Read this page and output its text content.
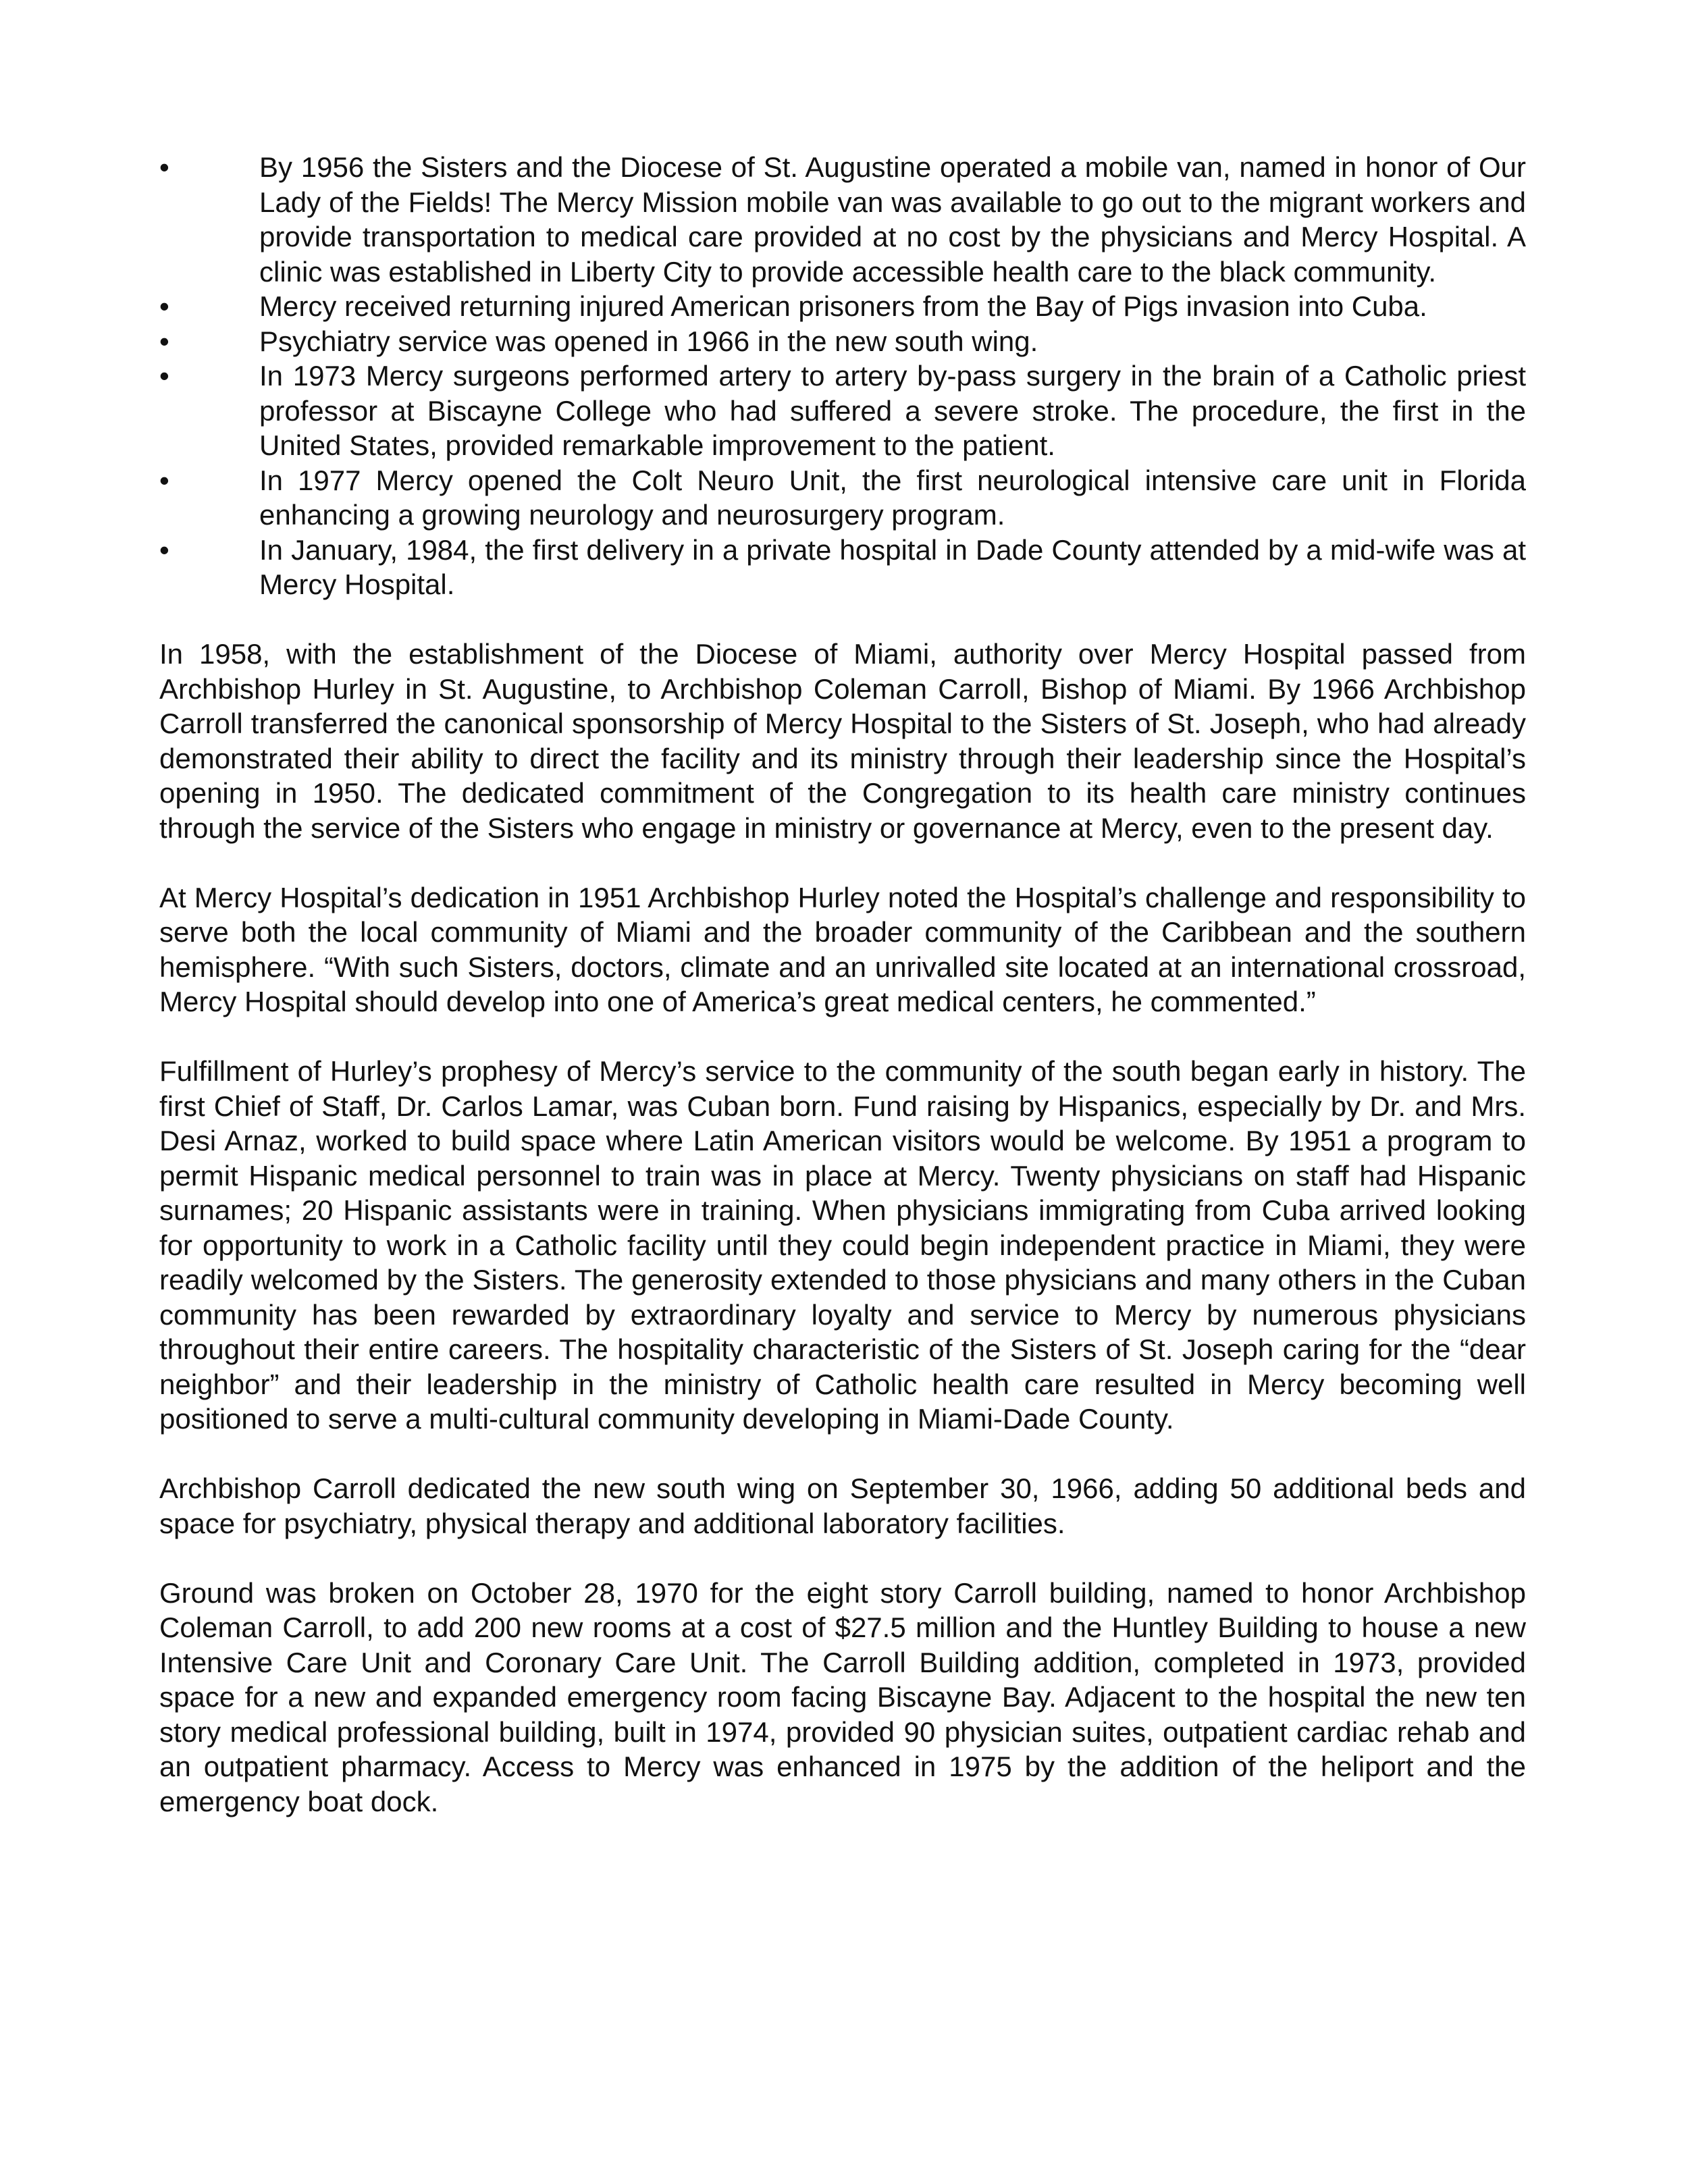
•	By 1956 the Sisters and the Diocese of St. Augustine operated a mobile van, named in honor of Our Lady of the Fields! The Mercy Mission mobile van was available to go out to the migrant workers and provide transportation to medical care provided at no cost by the physicians and Mercy Hospital. A clinic was established in Liberty City to provide accessible health care to the black community.
•	Mercy received returning injured American prisoners from the Bay of Pigs invasion into Cuba.
•	Psychiatry service was opened in 1966 in the new south wing.
•	In 1973 Mercy surgeons performed artery to artery by-pass surgery in the brain of a Catholic priest professor at Biscayne College who had suffered a severe stroke. The procedure, the first in the United States, provided remarkable improvement to the patient.
•	In 1977 Mercy opened the Colt Neuro Unit, the first neurological intensive care unit in Florida enhancing a growing neurology and neurosurgery program.
•	In January, 1984, the first delivery in a private hospital in Dade County attended by a mid-wife was at Mercy Hospital.

In 1958, with the establishment of the Diocese of Miami, authority over Mercy Hospital passed from Archbishop Hurley in St. Augustine, to Archbishop Coleman Carroll, Bishop of Miami. By 1966 Archbishop Carroll transferred the canonical sponsorship of Mercy Hospital to the Sisters of St. Joseph, who had already demonstrated their ability to direct the facility and its ministry through their leadership since the Hospital’s opening in 1950. The dedicated commitment of the Congregation to its health care ministry continues through the service of the Sisters who engage in ministry or governance at Mercy, even to the present day.

At Mercy Hospital’s dedication in 1951 Archbishop Hurley noted the Hospital’s challenge and responsibility to serve both the local community of Miami and the broader community of the Caribbean and the southern hemisphere. “With such Sisters, doctors, climate and an unrivalled site located at an international crossroad, Mercy Hospital should develop into one of America’s great medical centers, he commented.”

Fulfillment of Hurley’s prophesy of Mercy’s service to the community of the south began early in history. The first Chief of Staff, Dr. Carlos Lamar, was Cuban born. Fund raising by Hispanics, especially by Dr. and Mrs. Desi Arnaz, worked to build space where Latin American visitors would be welcome. By 1951 a program to permit Hispanic medical personnel to train was in place at Mercy. Twenty physicians on staff had Hispanic surnames; 20 Hispanic assistants were in training. When physicians immigrating from Cuba arrived looking for opportunity to work in a Catholic facility until they could begin independent practice in Miami, they were readily welcomed by the Sisters. The generosity extended to those physicians and many others in the Cuban community has been rewarded by extraordinary loyalty and service to Mercy by numerous physicians throughout their entire careers. The hospitality characteristic of the Sisters of St. Joseph caring for the “dear neighbor” and their leadership in the ministry of Catholic health care resulted in Mercy becoming well positioned to serve a multi-cultural community developing in Miami-Dade County.

Archbishop Carroll dedicated the new south wing on September 30, 1966, adding 50 additional beds and space for psychiatry, physical therapy and additional laboratory facilities.

Ground was broken on October 28, 1970 for the eight story Carroll building, named to honor Archbishop Coleman Carroll, to add 200 new rooms at a cost of $27.5 million and the Huntley Building to house a new Intensive Care Unit and Coronary Care Unit. The Carroll Building addition, completed in 1973, provided space for a new and expanded emergency room facing Biscayne Bay. Adjacent to the hospital the new ten story medical professional building, built in 1974, provided 90 physician suites, outpatient cardiac rehab and an outpatient pharmacy. Access to Mercy was enhanced in 1975 by the addition of the heliport and the emergency boat dock.
